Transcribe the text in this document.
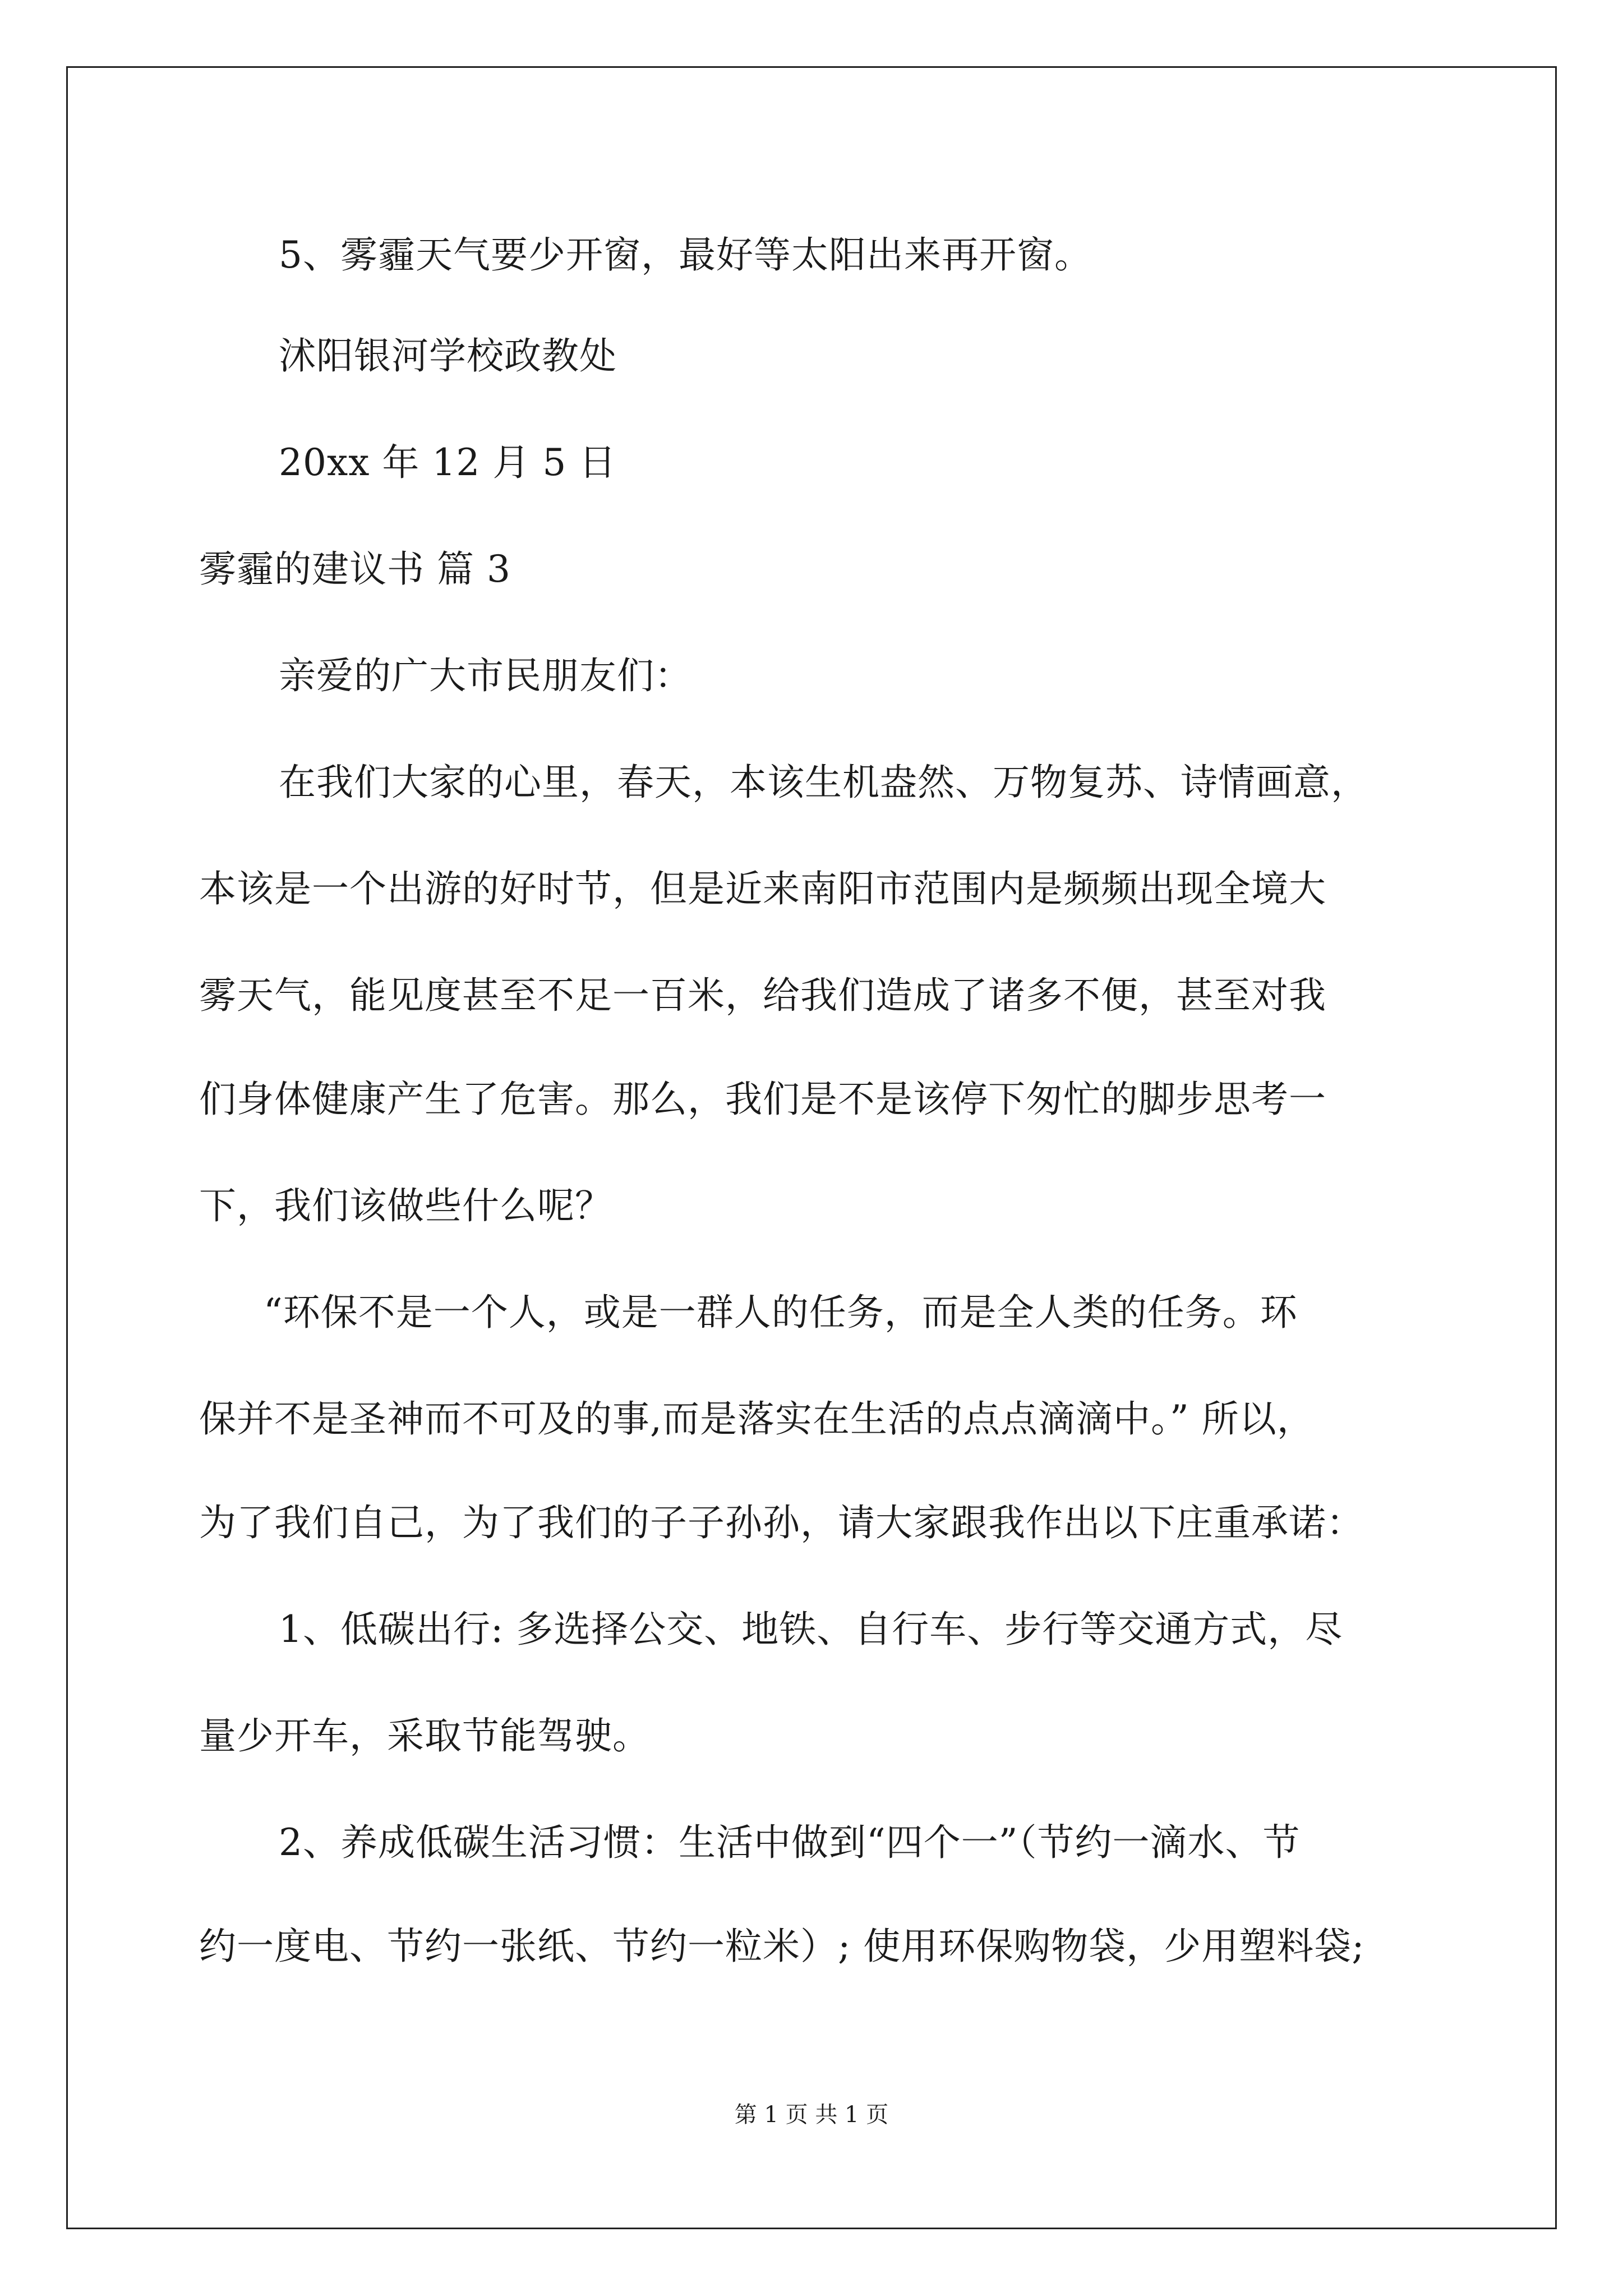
5、雾霾天气要少开窗，最好等太阳出来再开窗。
沭阳银河学校政教处
20xx 年 12 月 5 日
雾霾的建议书 篇 3
亲爱的广大市民朋友们：
在我们大家的心里，春天，本该生机盎然、万物复苏、诗情画意，
本该是一个出游的好时节，但是近来南阳市范围内是频频出现全境大
雾天气，能见度甚至不足一百米，给我们造成了诸多不便，甚至对我
们身体健康产生了危害。那么，我们是不是该停下匆忙的脚步思考一
下，我们该做些什么呢？
“环保不是一个人，或是一群人的任务，而是全人类的任务。环
保并不是圣神而不可及的事,而是落实在生活的点点滴滴中。” 所以，
为了我们自己，为了我们的子子孙孙，请大家跟我作出以下庄重承诺：
1、低碳出行: 多选择公交、地铁、自行车、步行等交通方式，尽
量少开车，采取节能驾驶。
2、养成低碳生活习惯：生活中做到“四个一”（节约一滴水、节
约一度电、节约一张纸、节约一粒米）; 使用环保购物袋，少用塑料袋;
第 1 页 共 1 页
